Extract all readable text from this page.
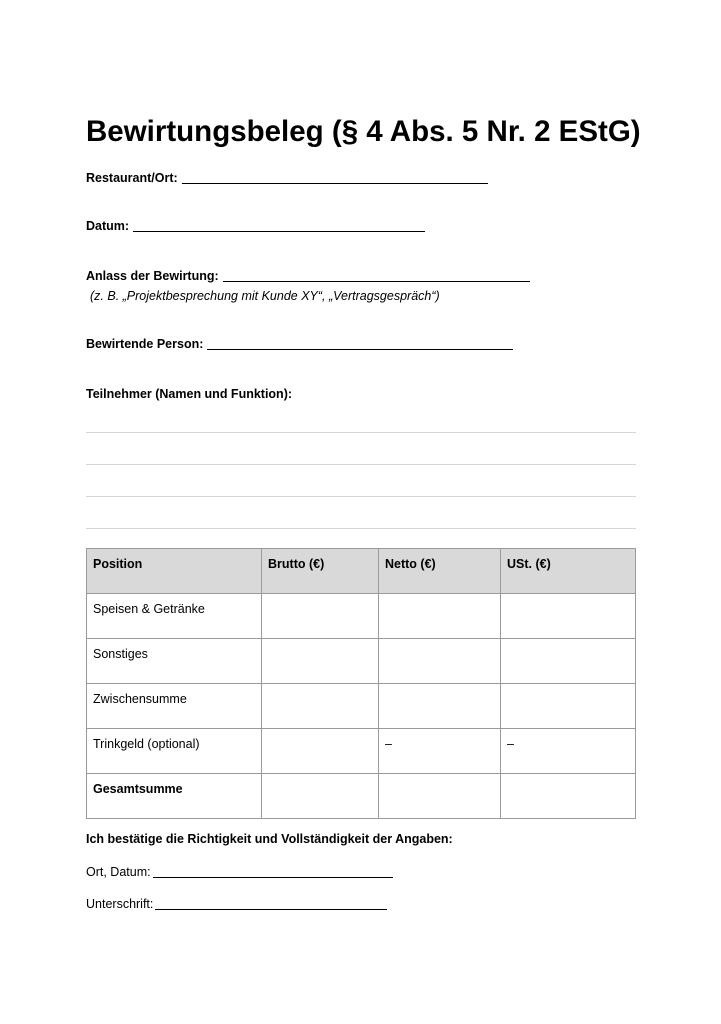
Bewirtungsbeleg (§ 4 Abs. 5 Nr. 2 EStG)
Restaurant/Ort:
Datum:
Anlass der Bewirtung:
(z. B. „Projektbesprechung mit Kunde XY“, „Vertragsgespräch“)
Bewirtende Person:
Teilnehmer (Namen und Funktion):
Position	Brutto (€)	Netto (€)	USt. (€)
Speisen & Getränke			
Sonstiges			
Zwischensumme			
Trinkgeld (optional)		–	–
Gesamtsumme			
Ich bestätige die Richtigkeit und Vollständigkeit der Angaben:
Ort, Datum:
Unterschrift:
